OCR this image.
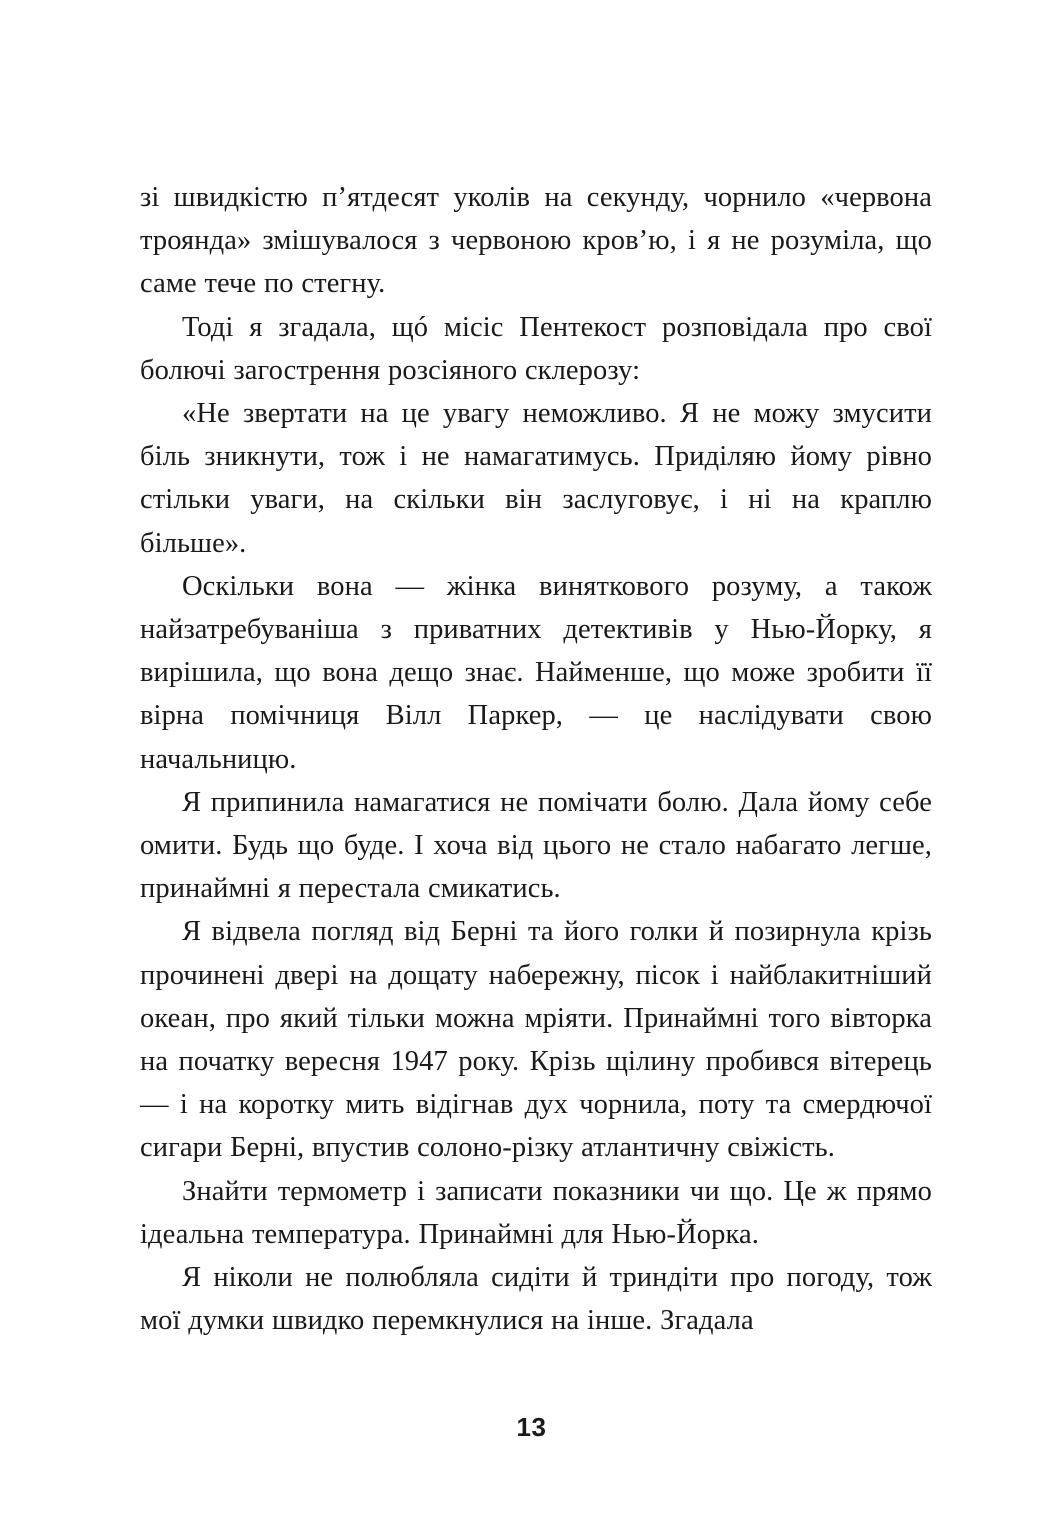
зі швидкістю п’ятдесят уколів на секунду, чорнило «червона троянда» змішувалося з червоною кров’ю, і я не розуміла, що саме тече по стегну.

Тоді я згадала, щó місіс Пентекост розповідала про свої болючі загострення розсіяного склерозу:

«Не звертати на це увагу неможливо. Я не можу змусити біль зникнути, тож і не намагатимусь. Приділяю йому рівно стільки уваги, на скільки він заслуговує, і ні на краплю більше».

Оскільки вона — жінка виняткового розуму, а також найзатребуваніша з приватних детективів у Нью-Йорку, я вирішила, що вона дещо знає. Найменше, що може зробити її вірна помічниця Вілл Паркер, — це наслідувати свою начальницю.

Я припинила намагатися не помічати болю. Дала йому себе омити. Будь що буде. І хоча від цього не стало набагато легше, принаймні я перестала смикатись.

Я відвела погляд від Берні та його голки й позирнула крізь прочинені двері на дощату набережну, пісок і найблакитніший океан, про який тільки можна мріяти. Принаймні того вівторка на початку вересня 1947 року. Крізь щілину пробився вітерець — і на коротку мить відігнав дух чорнила, поту та смердючої сигари Берні, впустив солоно-різку атлантичну свіжість.

Знайти термометр і записати показники чи що. Це ж прямо ідеальна температура. Принаймні для Нью-Йорка.

Я ніколи не полюбляла сидіти й триндіти про погоду, тож мої думки швидко перемкнулися на інше. Згадала

13
